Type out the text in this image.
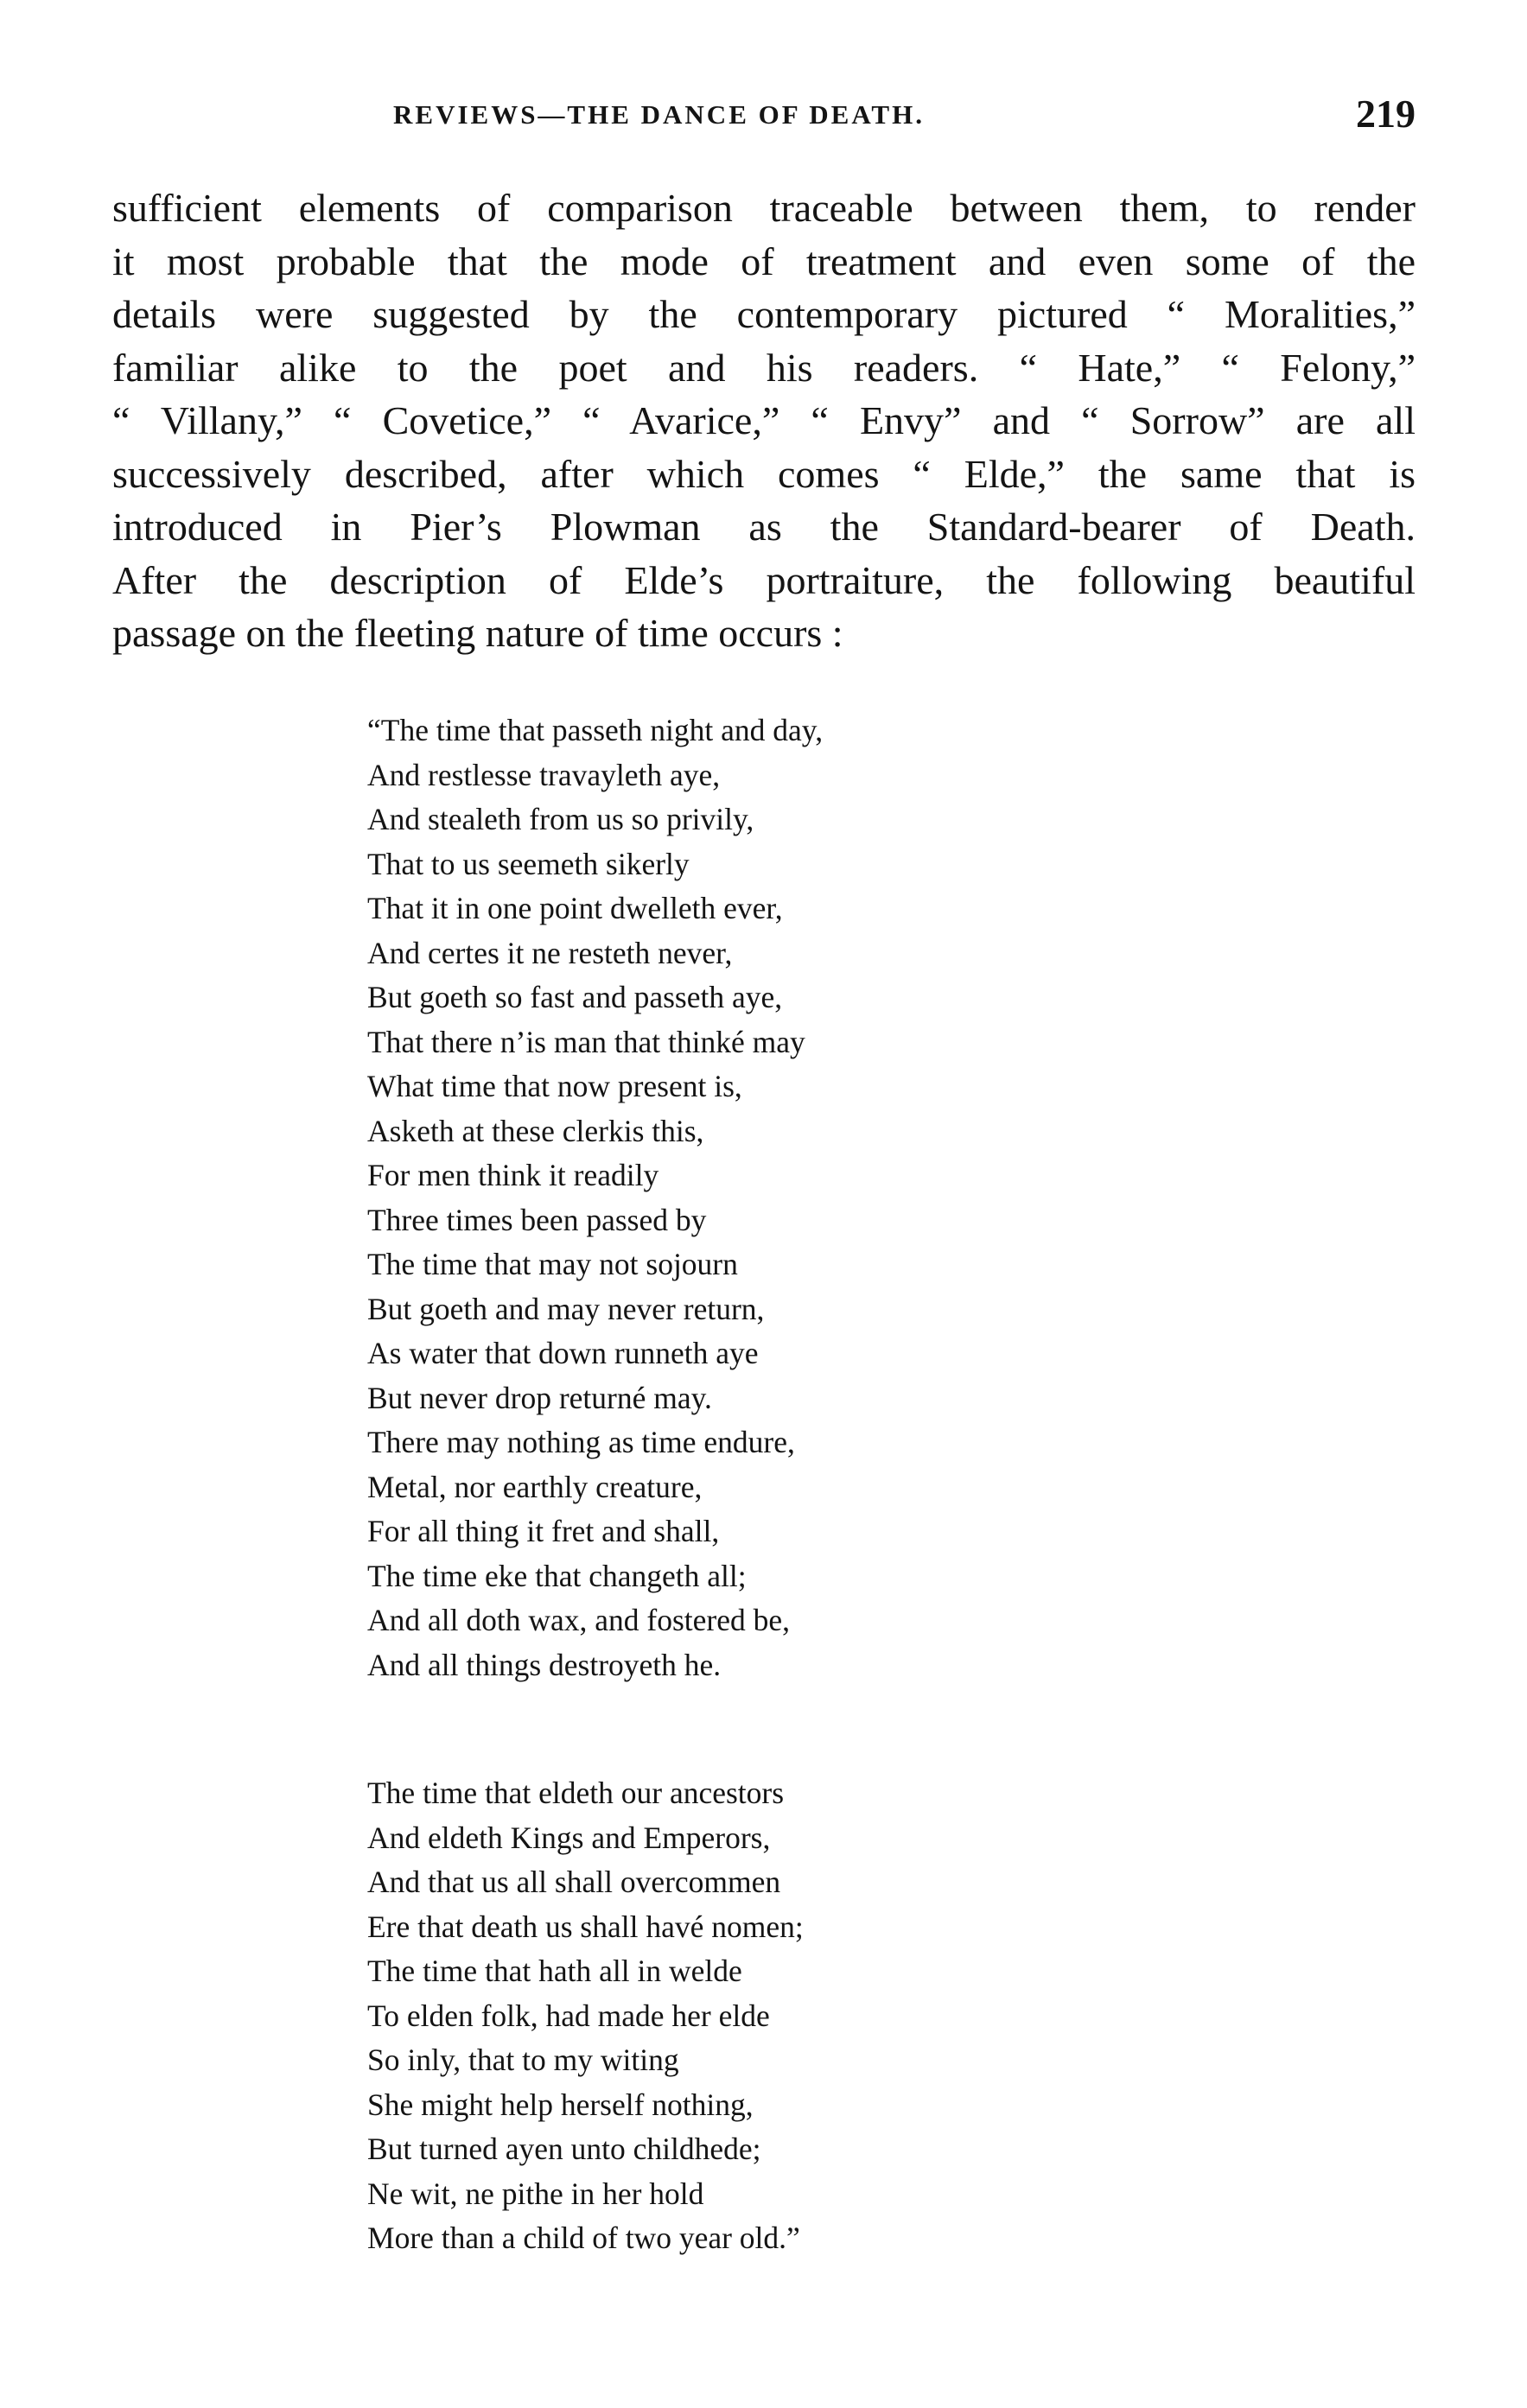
REVIEWS—THE DANCE OF DEATH.	219
sufficient elements of comparison traceable between them, to render
it most probable that the mode of treatment and even some of the
details were suggested by the contemporary pictured “ Moralities,”
familiar alike to the poet and his readers. “ Hate,” “ Felony,”
“ Villany,” “ Covetice,” “ Avarice,” “ Envy” and “ Sorrow” are all
successively described, after which comes “ Elde,” the same that is
introduced in Pier’s Plowman as the Standard-bearer of Death.
After the description of Elde’s portraiture, the following beautiful
passage on the fleeting nature of time occurs :
“The time that passeth night and day,
And restlesse travayleth aye,
And stealeth from us so privily,
That to us seemeth sikerly
That it in one point dwelleth ever,
And certes it ne resteth never,
But goeth so fast and passeth aye,
That there n’is man that thinké may
What time that now present is,
Asketh at these clerkis this,
For men think it readily
Three times been passed by
The time that may not sojourn
But goeth and may never return,
As water that down runneth aye
But never drop returné may.
There may nothing as time endure,
Metal, nor earthly creature,
For all thing it fret and shall,
The time eke that changeth all;
And all doth wax, and fostered be,
And all things destroyeth he.
The time that eldeth our ancestors
And eldeth Kings and Emperors,
And that us all shall overcommen
Ere that death us shall havé nomen;
The time that hath all in welde
To elden folk, had made her elde
So inly, that to my witing
She might help herself nothing,
But turned ayen unto childhede;
Ne wit, ne pithe in her hold
More than a child of two year old.”
